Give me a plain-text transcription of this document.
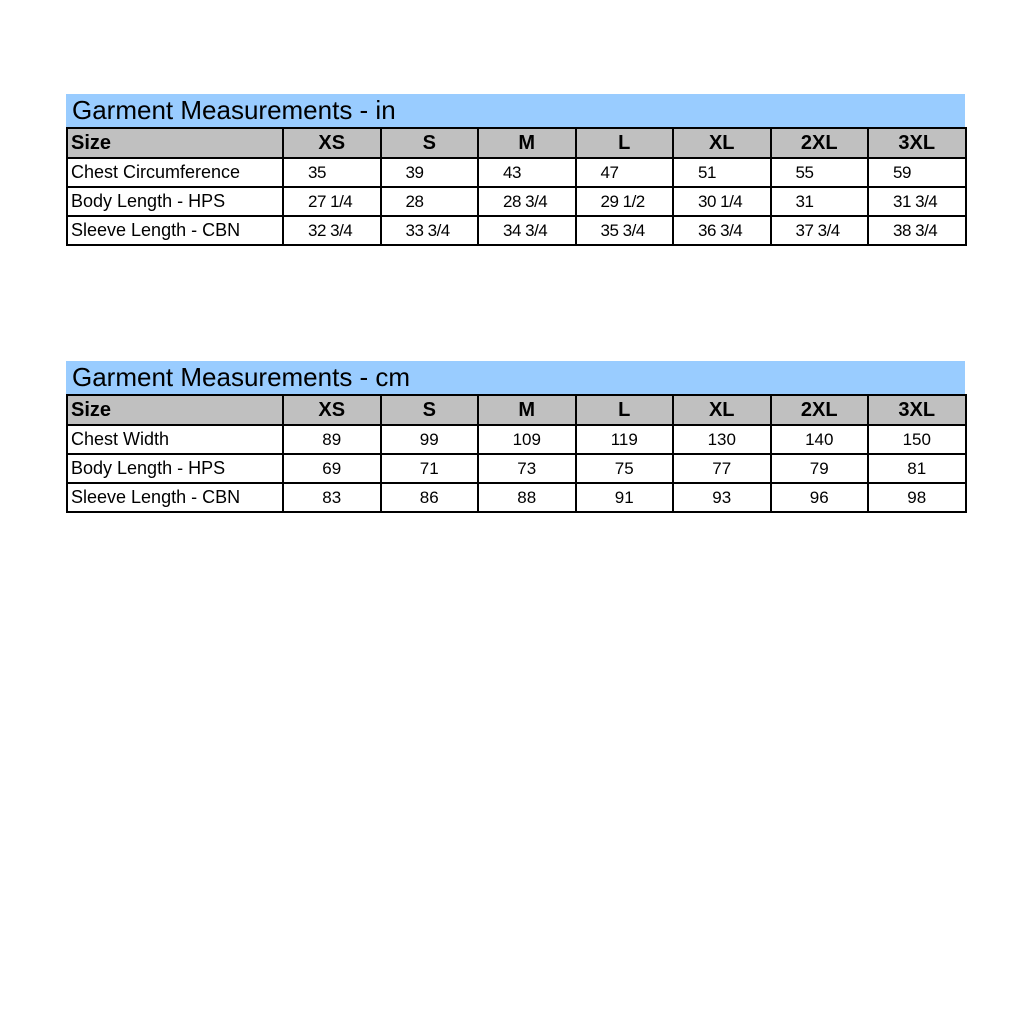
Garment Measurements - in
Size	XS	S	M	L	XL	2XL	3XL
Chest Circumference	35	39	43	47	51	55	59
Body Length - HPS	27 1/4	28	28 3/4	29 1/2	30 1/4	31	31 3/4
Sleeve Length - CBN	32 3/4	33 3/4	34 3/4	35 3/4	36 3/4	37 3/4	38 3/4
Garment Measurements - cm
Size	XS	S	M	L	XL	2XL	3XL
Chest Width	89	99	109	119	130	140	150
Body Length - HPS	69	71	73	75	77	79	81
Sleeve Length - CBN	83	86	88	91	93	96	98
